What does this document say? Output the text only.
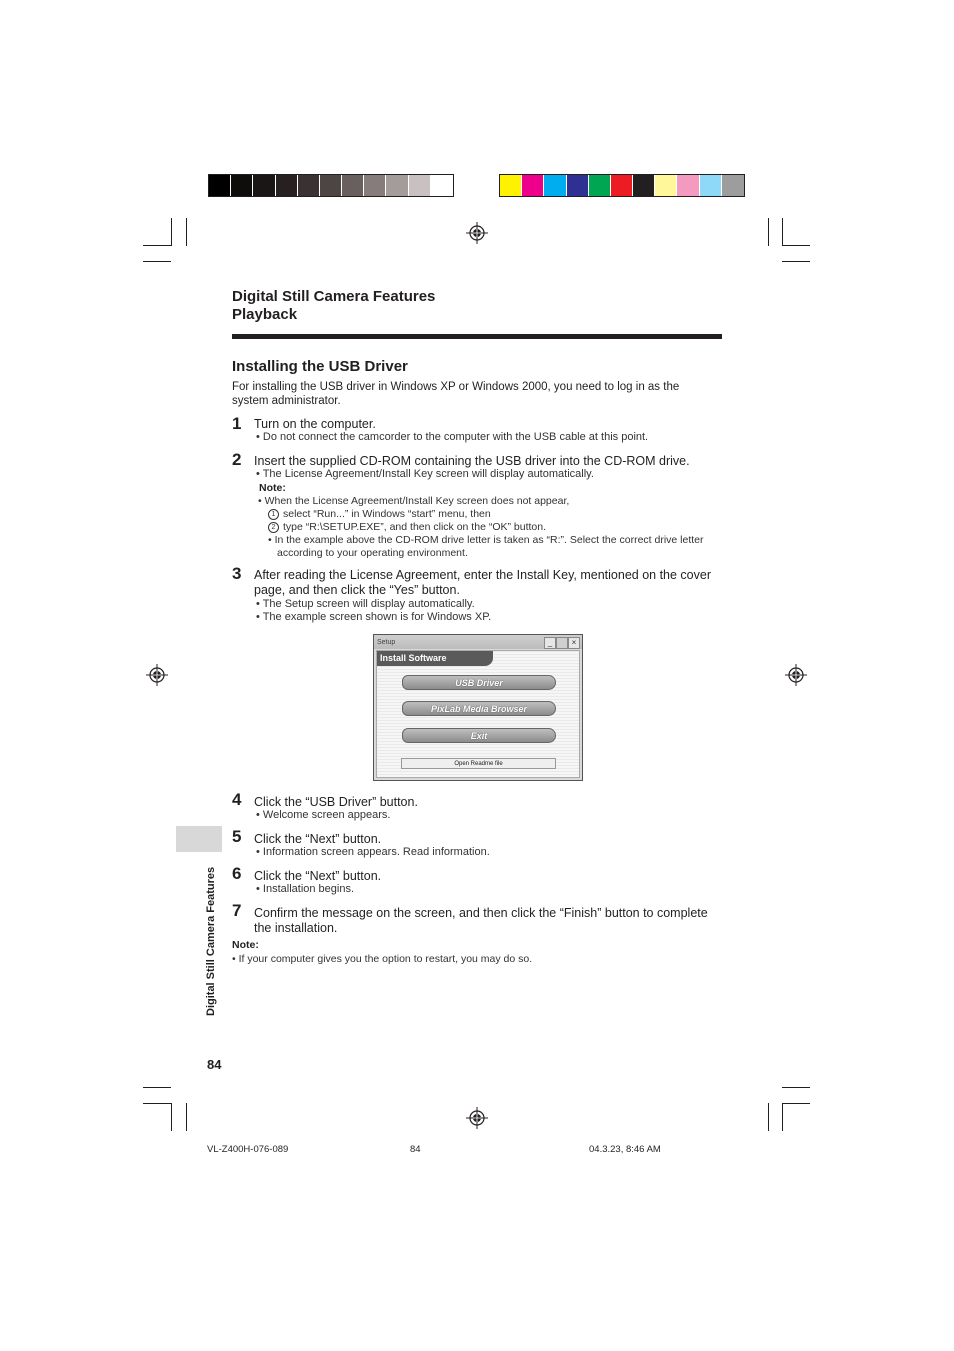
Digital Still Camera Features
Playback
Installing the USB Driver
For installing the USB driver in Windows XP or Windows 2000, you need to log in as the system administrator.
1 Turn on the computer.
• Do not connect the camcorder to the computer with the USB cable at this point.
2 Insert the supplied CD-ROM containing the USB driver into the CD-ROM drive.
• The License Agreement/Install Key screen will display automatically.
Note:
• When the License Agreement/Install Key screen does not appear,
1 select “Run...” in Windows “start” menu, then
2 type “R:\SETUP.EXE”, and then click on the “OK” button.
• In the example above the CD-ROM drive letter is taken as “R:”. Select the correct drive letter according to your operating environment.
3 After reading the License Agreement, enter the Install Key, mentioned on the cover page, and then click the “Yes” button.
• The Setup screen will display automatically.
• The example screen shown is for Windows XP.
Setup	_	×
Install Software
USB Driver
PixLab Media Browser
Exit
Open Readme file
4 Click the “USB Driver” button.
• Welcome screen appears.
5 Click the “Next” button.
• Information screen appears. Read information.
6 Click the “Next” button.
• Installation begins.
7 Confirm the message on the screen, and then click the “Finish” button to complete the installation.
Note:
• If your computer gives you the option to restart, you may do so.
Digital Still Camera Features
84
VL-Z400H-076-089	84	04.3.23, 8:46 AM
